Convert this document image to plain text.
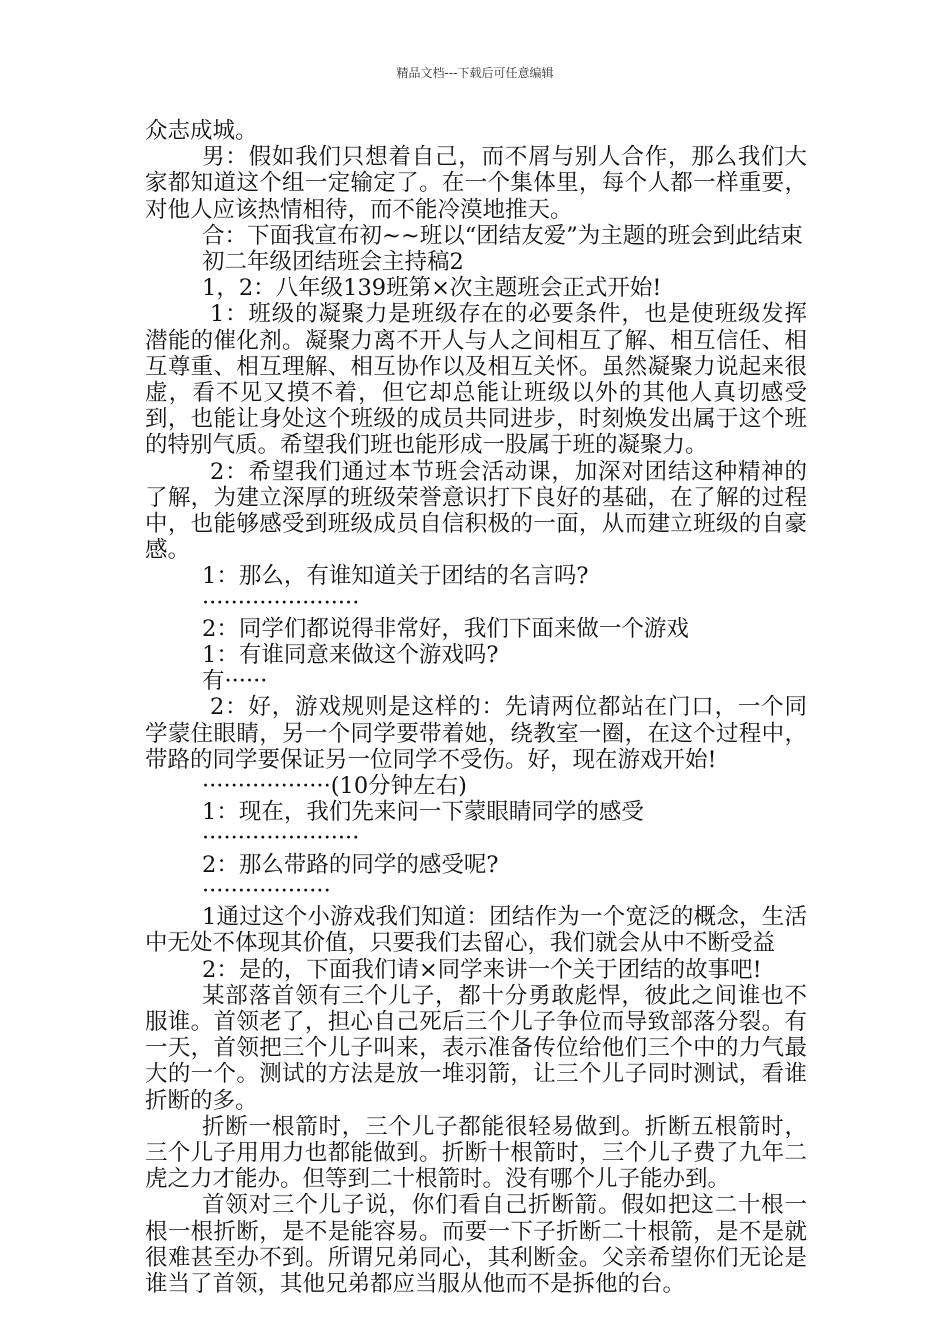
精品文档---下载后可任意编辑

众志成城。

男：假如我们只想着自己，而不屑与别人合作，那么我们大家都知道这个组一定输定了。在一个集体里，每个人都一样重要，对他人应该热情相待，而不能冷漠地推天。

合：下面我宣布初~~班以“团结友爱”为主题的班会到此结束

初二年级团结班会主持稿2

1，2：八年级139班第×次主题班会正式开始!

1：班级的凝聚力是班级存在的必要条件，也是使班级发挥潜能的催化剂。凝聚力离不开人与人之间相互了解、相互信任、相互尊重、相互理解、相互协作以及相互关怀。虽然凝聚力说起来很虚，看不见又摸不着，但它却总能让班级以外的其他人真切感受到，也能让身处这个班级的成员共同进步，时刻焕发出属于这个班的特别气质。希望我们班也能形成一股属于班的凝聚力。

2：希望我们通过本节班会活动课，加深对团结这种精神的了解，为建立深厚的班级荣誉意识打下良好的基础，在了解的过程中，也能够感受到班级成员自信积极的一面，从而建立班级的自豪感。

1：那么，有谁知道关于团结的名言吗?

······················

2：同学们都说得非常好，我们下面来做一个游戏

1：有谁同意来做这个游戏吗?

有······

2：好，游戏规则是这样的：先请两位都站在门口，一个同学蒙住眼睛，另一个同学要带着她，绕教室一圈，在这个过程中，带路的同学要保证另一位同学不受伤。好，现在游戏开始!

··················(10分钟左右)

1：现在，我们先来问一下蒙眼睛同学的感受

······················

2：那么带路的同学的感受呢?

··················

1通过这个小游戏我们知道：团结作为一个宽泛的概念，生活中无处不体现其价值，只要我们去留心，我们就会从中不断受益

2：是的，下面我们请×同学来讲一个关于团结的故事吧!

某部落首领有三个儿子，都十分勇敢彪悍，彼此之间谁也不服谁。首领老了，担心自己死后三个儿子争位而导致部落分裂。有一天，首领把三个儿子叫来，表示准备传位给他们三个中的力气最大的一个。测试的方法是放一堆羽箭，让三个儿子同时测试，看谁折断的多。

折断一根箭时，三个儿子都能很轻易做到。折断五根箭时，三个儿子用用力也都能做到。折断十根箭时，三个儿子费了九年二虎之力才能办。但等到二十根箭时。没有哪个儿子能办到。

首领对三个儿子说，你们看自己折断箭。假如把这二十根一根一根折断，是不是能容易。而要一下子折断二十根箭，是不是就很难甚至办不到。所谓兄弟同心，其利断金。父亲希望你们无论是谁当了首领，其他兄弟都应当服从他而不是拆他的台。
